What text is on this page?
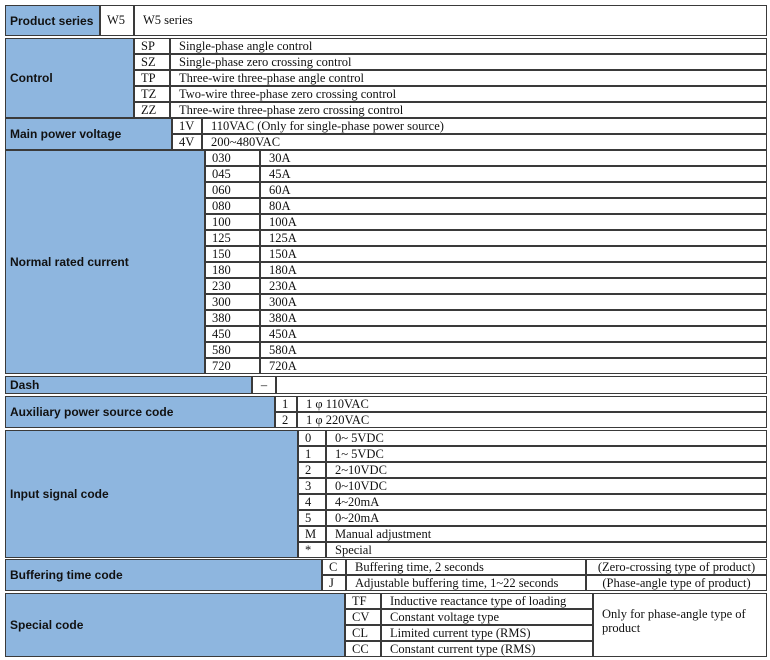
Product series	W5	W5 series
Control
SP	Single-phase angle control
SZ	Single-phase zero crossing control
TP	Three-wire three-phase angle control
TZ	Two-wire three-phase zero crossing control
ZZ	Three-wire three-phase zero crossing control
Main power voltage
1V	110VAC (Only for single-phase power source)
4V	200~480VAC
Normal rated current
030	30A
045	45A
060	60A
080	80A
100	100A
125	125A
150	150A
180	180A
230	230A
300	300A
380	380A
450	450A
580	580A
720	720A
Dash	–
Auxiliary power source code
1	1 φ 110VAC
2	1 φ 220VAC
Input signal code
0	0~ 5VDC
1	1~ 5VDC
2	2~10VDC
3	0~10VDC
4	4~20mA
5	0~20mA
M	Manual adjustment
*	Special
Buffering time code
C	Buffering time, 2 seconds	(Zero-crossing type of product)
J	Adjustable buffering time, 1~22 seconds	(Phase-angle type of product)
Special code
TF	Inductive reactance type of loading
CV	Constant voltage type
CL	Limited current type (RMS)
CC	Constant current type (RMS)
Only for phase-angle type of product
